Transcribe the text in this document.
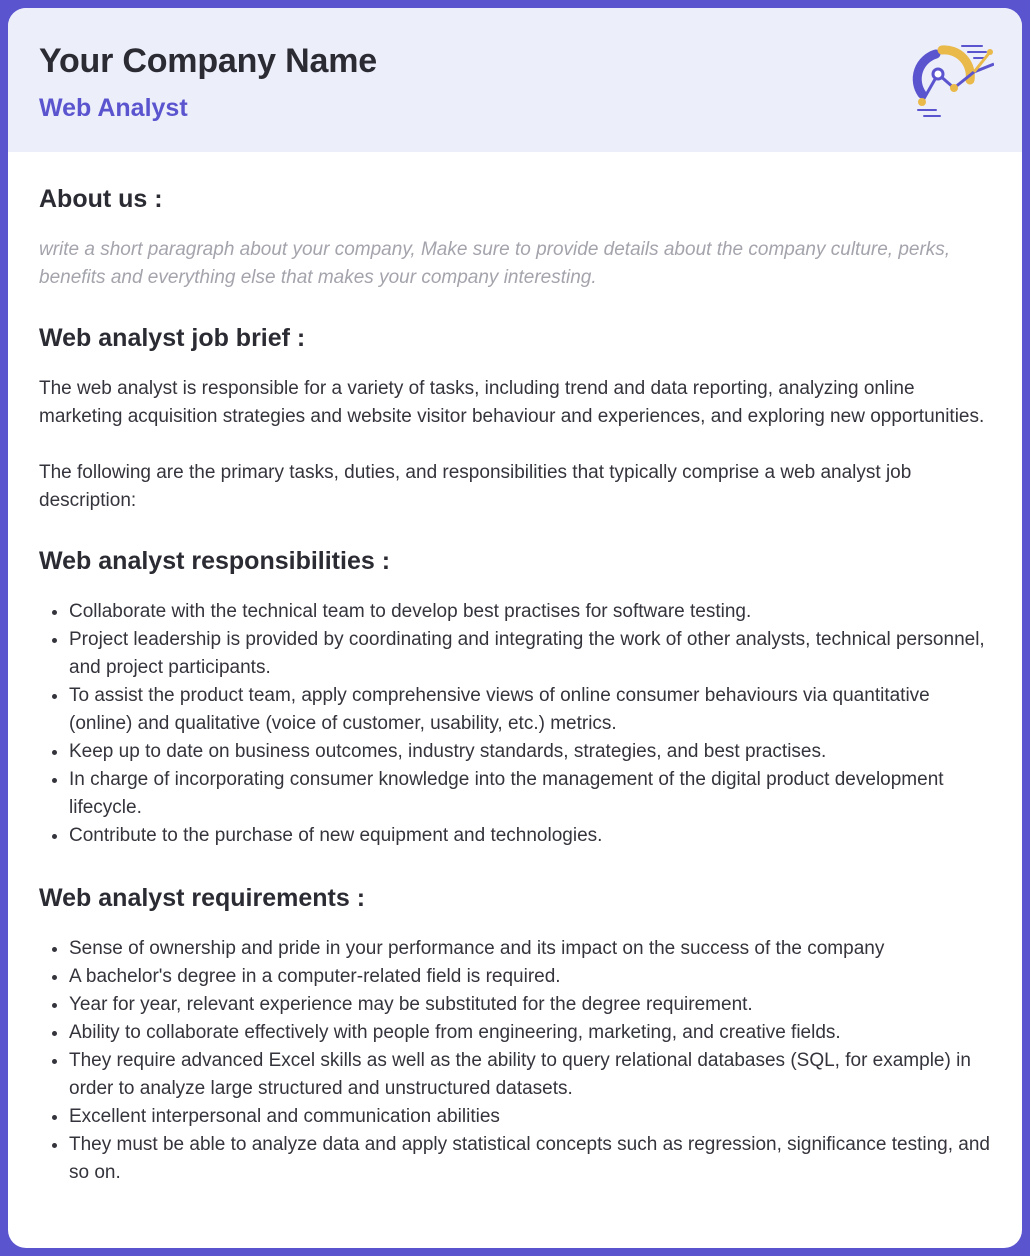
Your Company Name
Web Analyst
About us :

write a short paragraph about your company, Make sure to provide details about the company culture, perks, benefits and everything else that makes your company interesting.

Web analyst job brief :

The web analyst is responsible for a variety of tasks, including trend and data reporting, analyzing online marketing acquisition strategies and website visitor behaviour and experiences, and exploring new opportunities.

The following are the primary tasks, duties, and responsibilities that typically comprise a web analyst job description:

Web analyst responsibilities :
• Collaborate with the technical team to develop best practises for software testing.
• Project leadership is provided by coordinating and integrating the work of other analysts, technical personnel, and project participants.
• To assist the product team, apply comprehensive views of online consumer behaviours via quantitative (online) and qualitative (voice of customer, usability, etc.) metrics.
• Keep up to date on business outcomes, industry standards, strategies, and best practises.
• In charge of incorporating consumer knowledge into the management of the digital product development lifecycle.
• Contribute to the purchase of new equipment and technologies.
Web analyst requirements :
• Sense of ownership and pride in your performance and its impact on the success of the company
• A bachelor's degree in a computer-related field is required.
• Year for year, relevant experience may be substituted for the degree requirement.
• Ability to collaborate effectively with people from engineering, marketing, and creative fields.
• They require advanced Excel skills as well as the ability to query relational databases (SQL, for example) in order to analyze large structured and unstructured datasets.
• Excellent interpersonal and communication abilities
• They must be able to analyze data and apply statistical concepts such as regression, significance testing, and so on.
